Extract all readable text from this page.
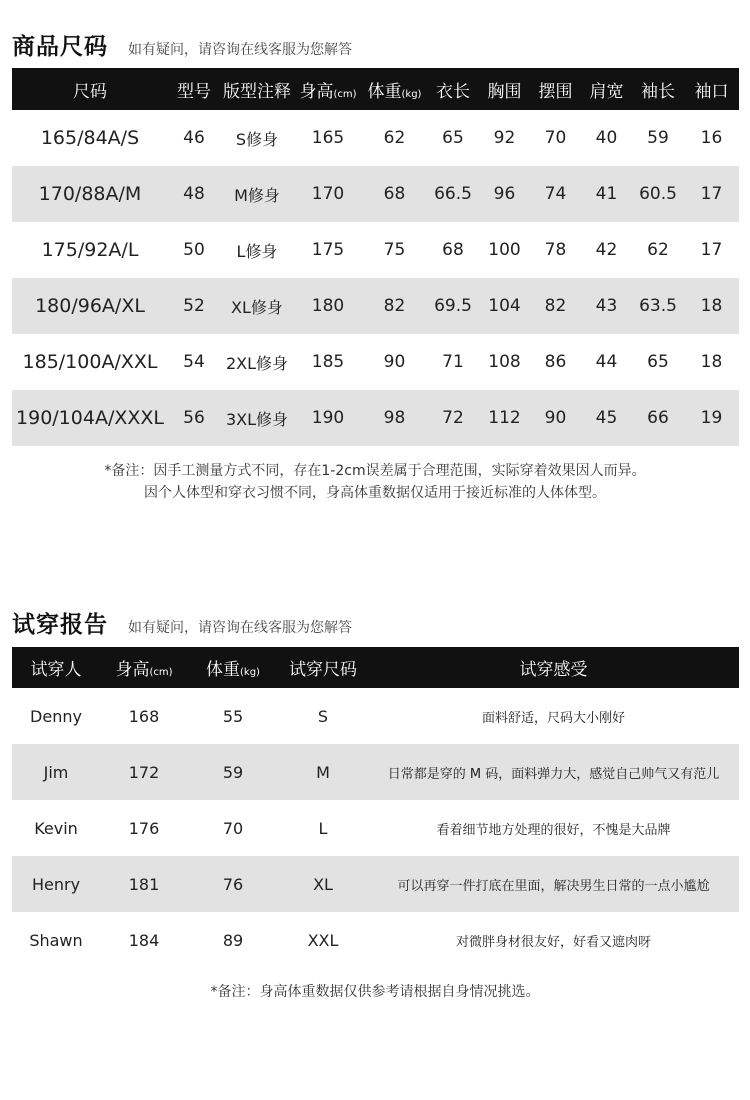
商品尺码 如有疑问，请咨询在线客服为您解答
尺码	型号	版型注释	身高(cm)	体重(kg)	衣长	胸围	摆围	肩宽	袖长	袖口
165/84A/S	46	S修身	165	62	65	92	70	40	59	16
170/88A/M	48	M修身	170	68	66.5	96	74	41	60.5	17
175/92A/L	50	L修身	175	75	68	100	78	42	62	17
180/96A/XL	52	XL修身	180	82	69.5	104	82	43	63.5	18
185/100A/XXL	54	2XL修身	185	90	71	108	86	44	65	18
190/104A/XXXL	56	3XL修身	190	98	72	112	90	45	66	19
*备注：因手工测量方式不同，存在1-2cm误差属于合理范围，实际穿着效果因人而异。
因个人体型和穿衣习惯不同，身高体重数据仅适用于接近标准的人体体型。
试穿报告 如有疑问，请咨询在线客服为您解答
试穿人	身高(cm)	体重(kg)	试穿尺码	试穿感受
Denny	168	55	S	面料舒适，尺码大小刚好
Jim	172	59	M	日常都是穿的 M 码，面料弹力大，感觉自己帅气又有范儿
Kevin	176	70	L	看着细节地方处理的很好，不愧是大品牌
Henry	181	76	XL	可以再穿一件打底在里面，解决男生日常的一点小尴尬
Shawn	184	89	XXL	对微胖身材很友好，好看又遮肉呀
*备注：身高体重数据仅供参考请根据自身情况挑选。
